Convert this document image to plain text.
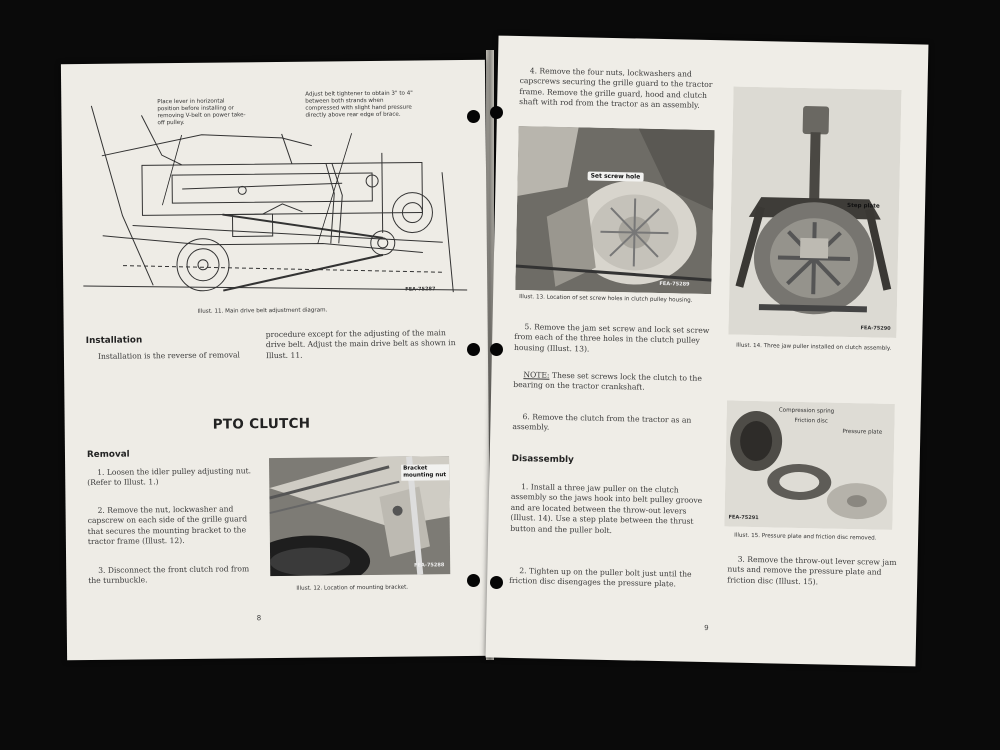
Place lever in horizontal position before installing or removing V-belt on power take-off pulley.
Adjust belt tightener to obtain 3" to 4" between both strands when compressed with slight hand pressure directly above rear edge of brace.
FEA-75287
Illust. 11. Main drive belt adjustment diagram.
Installation
Installation is the reverse of removal
procedure except for the adjusting of the main drive belt. Adjust the main drive belt as shown in Illust. 11.
PTO CLUTCH
Removal
1. Loosen the idler pulley adjusting nut. (Refer to Illust. 1.)
2. Remove the nut, lockwasher and capscrew on each side of the grille guard that secures the mounting bracket to the tractor frame (Illust. 12).
3. Disconnect the front clutch rod from the turnbuckle.
Bracket mounting nut
FEA-75288
Illust. 12. Location of mounting bracket.
8
4. Remove the four nuts, lockwashers and capscrews securing the grille guard to the tractor frame. Remove the grille guard, hood and clutch shaft with rod from the tractor as an assembly.
Set screw hole
FEA-75289
Illust. 13. Location of set screw holes in clutch pulley housing.
5. Remove the jam set screw and lock set screw from each of the three holes in the clutch pulley housing (Illust. 13).
NOTE: These set screws lock the clutch to the bearing on the tractor crankshaft.
6. Remove the clutch from the tractor as an assembly.
Disassembly
1. Install a three jaw puller on the clutch assembly so the jaws hook into belt pulley groove and are located between the throw-out levers (Illust. 14). Use a step plate between the thrust button and the puller bolt.
2. Tighten up on the puller bolt just until the friction disc disengages the pressure plate.
Step plate
FEA-75290
Illust. 14. Three jaw puller installed on clutch assembly.
Compression spring
Friction disc
Pressure plate
FEA-75291
Illust. 15. Pressure plate and friction disc removed.
3. Remove the throw-out lever screw jam nuts and remove the pressure plate and friction disc (Illust. 15).
9
